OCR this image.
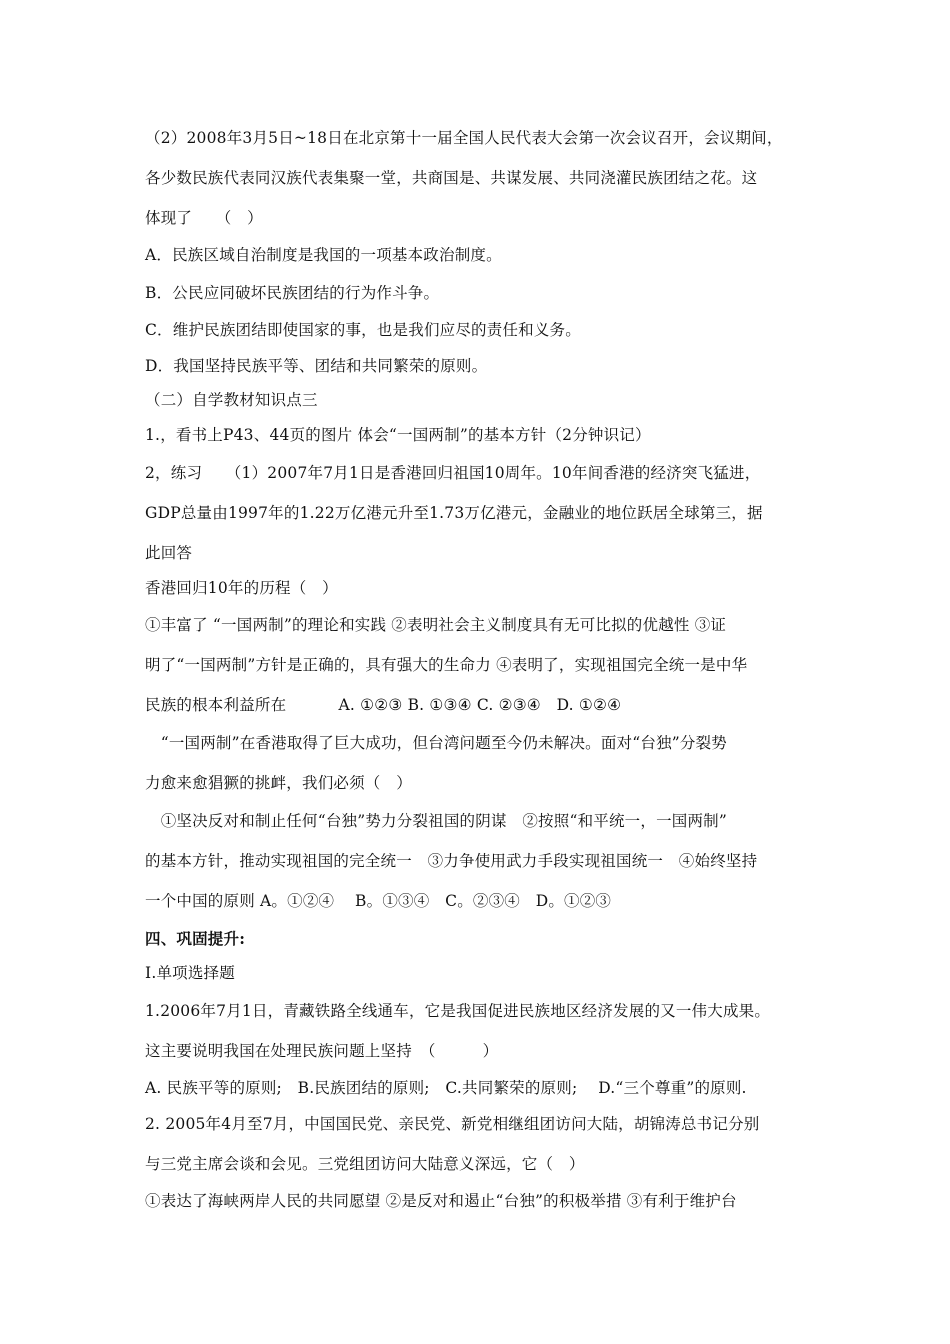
（2）2008年3月5日~18日在北京第十一届全国人民代表大会第一次会议召开，会议期间，
各少数民族代表同汉族代表集聚一堂，共商国是、共谋发展、共同浇灌民族团结之花。这
体现了　　（　）
A．民族区域自治制度是我国的一项基本政治制度。
B．公民应同破坏民族团结的行为作斗争。
C．维护民族团结即使国家的事，也是我们应尽的责任和义务。
D．我国坚持民族平等、团结和共同繁荣的原则。
（二）自学教材知识点三
1.，看书上P43、44页的图片 体会“一国两制”的基本方针（2分钟识记）
2，练习　　（1）2007年7月1日是香港回归祖国10周年。10年间香港的经济突飞猛进，
GDP总量由1997年的1.22万亿港元升至1.73万亿港元，金融业的地位跃居全球第三，据
此回答
香港回归10年的历程（　）
①丰富了 “一国两制”的理论和实践 ②表明社会主义制度具有无可比拟的优越性 ③证
明了“一国两制”方针是正确的，具有强大的生命力 ④表明了，实现祖国完全统一是中华
民族的根本利益所在　　　 A. ①②③ B. ①③④ C. ②③④　D. ①②④
　“一国两制”在香港取得了巨大成功，但台湾问题至今仍未解决。面对“台独”分裂势
力愈来愈猖獗的挑衅，我们必须（　）
　①坚决反对和制止任何“台独”势力分裂祖国的阴谋　②按照“和平统一，一国两制”
的基本方针，推动实现祖国的完全统一　③力争使用武力手段实现祖国统一　④始终坚持
一个中国的原则 A。①②④　 B。①③④　C。②③④　D。①②③
四、巩固提升:
Ⅰ.单项选择题
1.2006年7月1日，青藏铁路全线通车，它是我国促进民族地区经济发展的又一伟大成果。
这主要说明我国在处理民族问题上坚持　（　　　）
A. 民族平等的原则;　B.民族团结的原则;　C.共同繁荣的原则;　 D.“三个尊重”的原则.
2. 2005年4月至7月，中国国民党、亲民党、新党相继组团访问大陆，胡锦涛总书记分别
与三党主席会谈和会见。三党组团访问大陆意义深远，它（　）
①表达了海峡两岸人民的共同愿望 ②是反对和遏止“台独”的积极举措 ③有利于维护台
